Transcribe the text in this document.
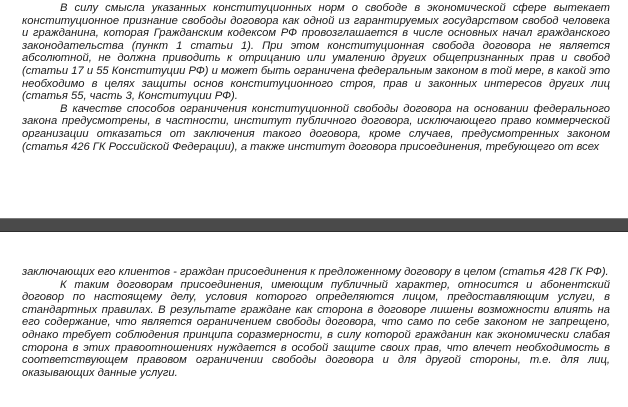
В силу смысла указанных конституционных норм о свободе в экономической сфере вытекает конституционное признание свободы договора как одной из гарантируемых государством свобод человека и гражданина, которая Гражданским кодексом РФ провозглашается в числе основных начал гражданского законодательства (пункт 1 статьи 1). При этом конституционная свобода договора не является абсолютной, не должна приводить к отрицанию или умалению других общепризнанных прав и свобод (статьи 17 и 55 Конституции РФ) и может быть ограничена федеральным законом в той мере, в какой это необходимо в целях защиты основ конституционного строя, прав и законных интересов других лиц (статья 55, часть 3, Конституции РФ).

В качестве способов ограничения конституционной свободы договора на основании федерального закона предусмотрены, в частности, институт публичного договора, исключающего право коммерческой организации отказаться от заключения такого договора, кроме случаев, предусмотренных законом (статья 426 ГК Российской Федерации), а также институт договора присоединения, требующего от всех

заключающих его клиентов - граждан присоединения к предложенному договору в целом (статья 428 ГК РФ).

К таким договорам присоединения, имеющим публичный характер, относится и абонентский договор по настоящему делу, условия которого определяются лицом, предоставляющим услуги, в стандартных правилах. В результате граждане как сторона в договоре лишены возможности влиять на его содержание, что является ограничением свободы договора, что само по себе законом не запрещено, однако требует соблюдения принципа соразмерности, в силу которой гражданин как экономически слабая сторона в этих правоотношениях нуждается в особой защите своих прав, что влечет необходимость в соответствующем правовом ограничении свободы договора и для другой стороны, т.е. для лиц, оказывающих данные услуги.
